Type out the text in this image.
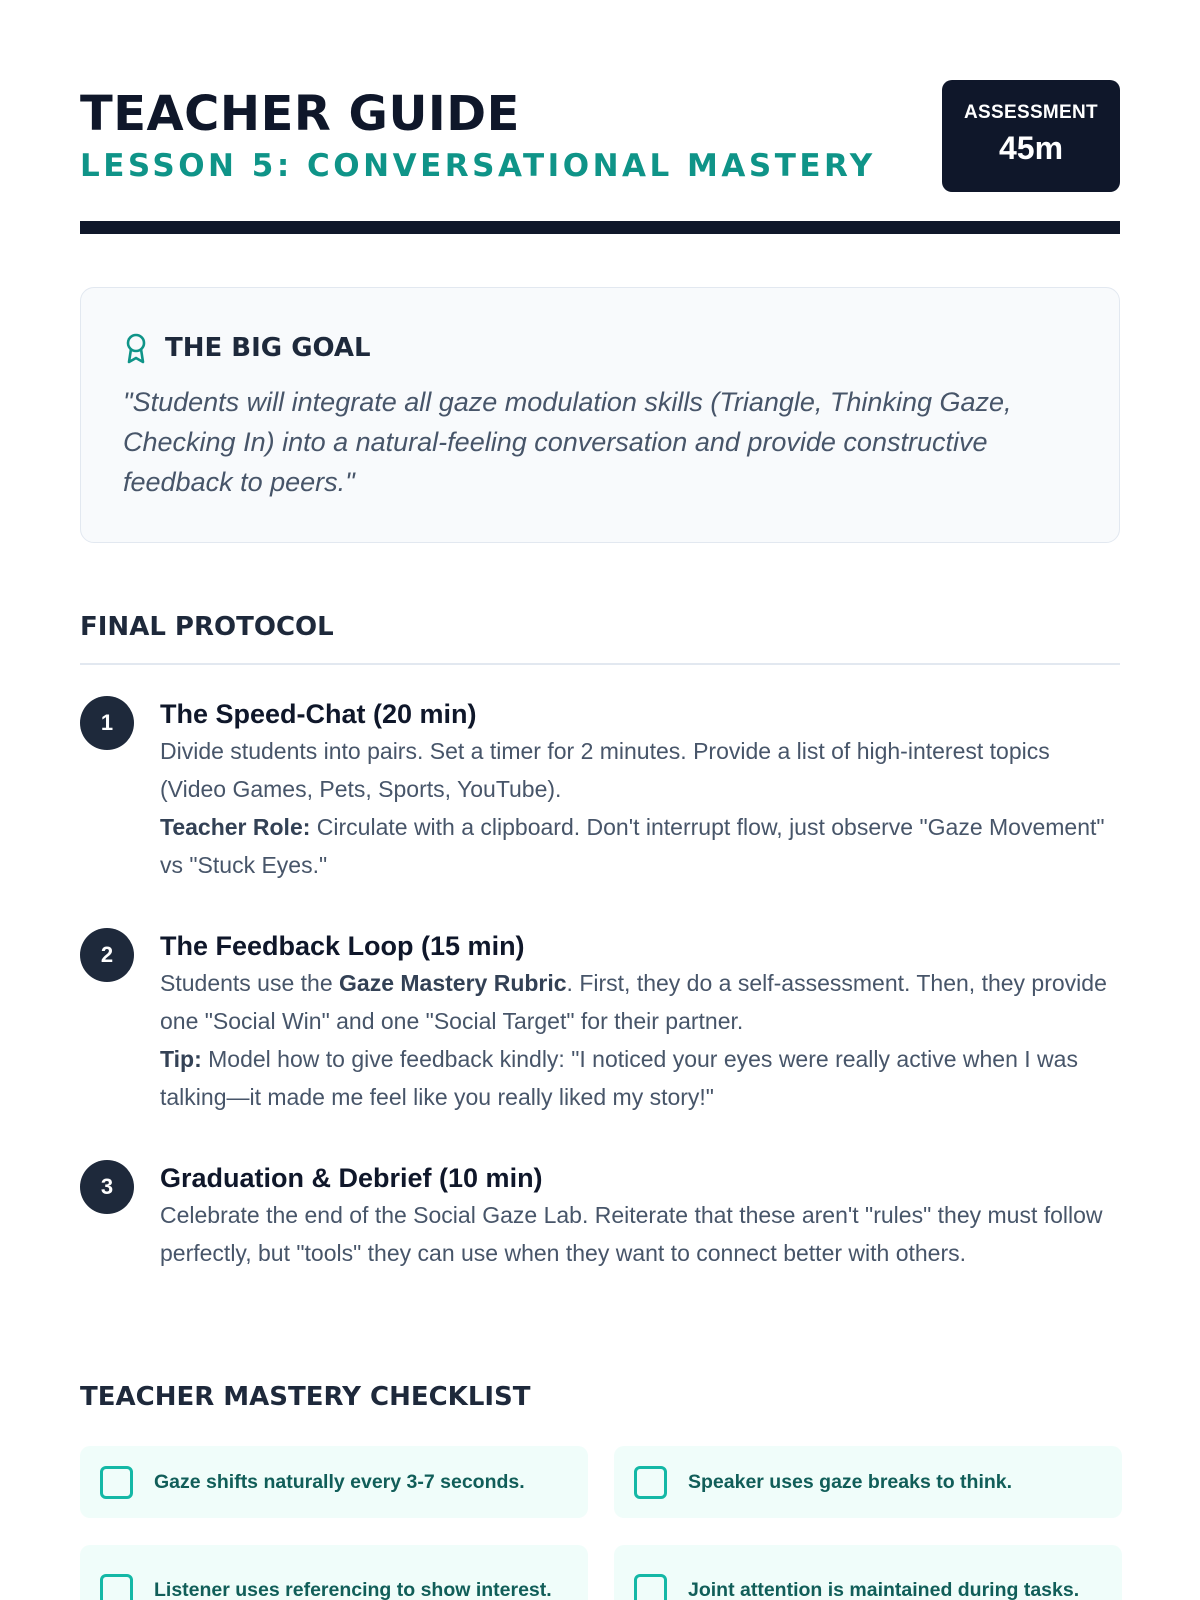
TEACHER GUIDE
LESSON 5: CONVERSATIONAL MASTERY
ASSESSMENT
45m
THE BIG GOAL
"Students will integrate all gaze modulation skills (Triangle, Thinking Gaze, Checking In) into a natural-feeling conversation and provide constructive feedback to peers."
FINAL PROTOCOL
1	The Speed-Chat (20 min)
Divide students into pairs. Set a timer for 2 minutes. Provide a list of high-interest topics (Video Games, Pets, Sports, YouTube).
Teacher Role: Circulate with a clipboard. Don't interrupt flow, just observe "Gaze Movement" vs "Stuck Eyes."
2	The Feedback Loop (15 min)
Students use the Gaze Mastery Rubric. First, they do a self-assessment. Then, they provide one "Social Win" and one "Social Target" for their partner.
Tip: Model how to give feedback kindly: "I noticed your eyes were really active when I was talking—it made me feel like you really liked my story!"
3	Graduation & Debrief (10 min)
Celebrate the end of the Social Gaze Lab. Reiterate that these aren't "rules" they must follow perfectly, but "tools" they can use when they want to connect better with others.
TEACHER MASTERY CHECKLIST
Gaze shifts naturally every 3-7 seconds.	Speaker uses gaze breaks to think.
Listener uses referencing to show interest.	Joint attention is maintained during tasks.
